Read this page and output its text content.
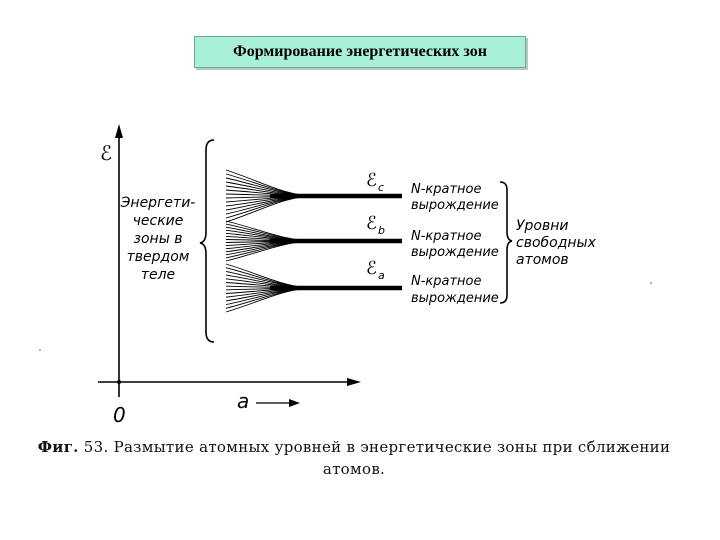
Формирование энергетических зон
ℰ
0
a
Энергети-
ческие
зоны в
твердом
теле
ℰ c
ℰ b
ℰ a
N-кратное
вырождение
N-кратное
вырождение
N-кратное
вырождение
Уровни
свободных
атомов
Фиг. 53. Размытие атомных уровней в энергетические зоны при сближении
атомов.
